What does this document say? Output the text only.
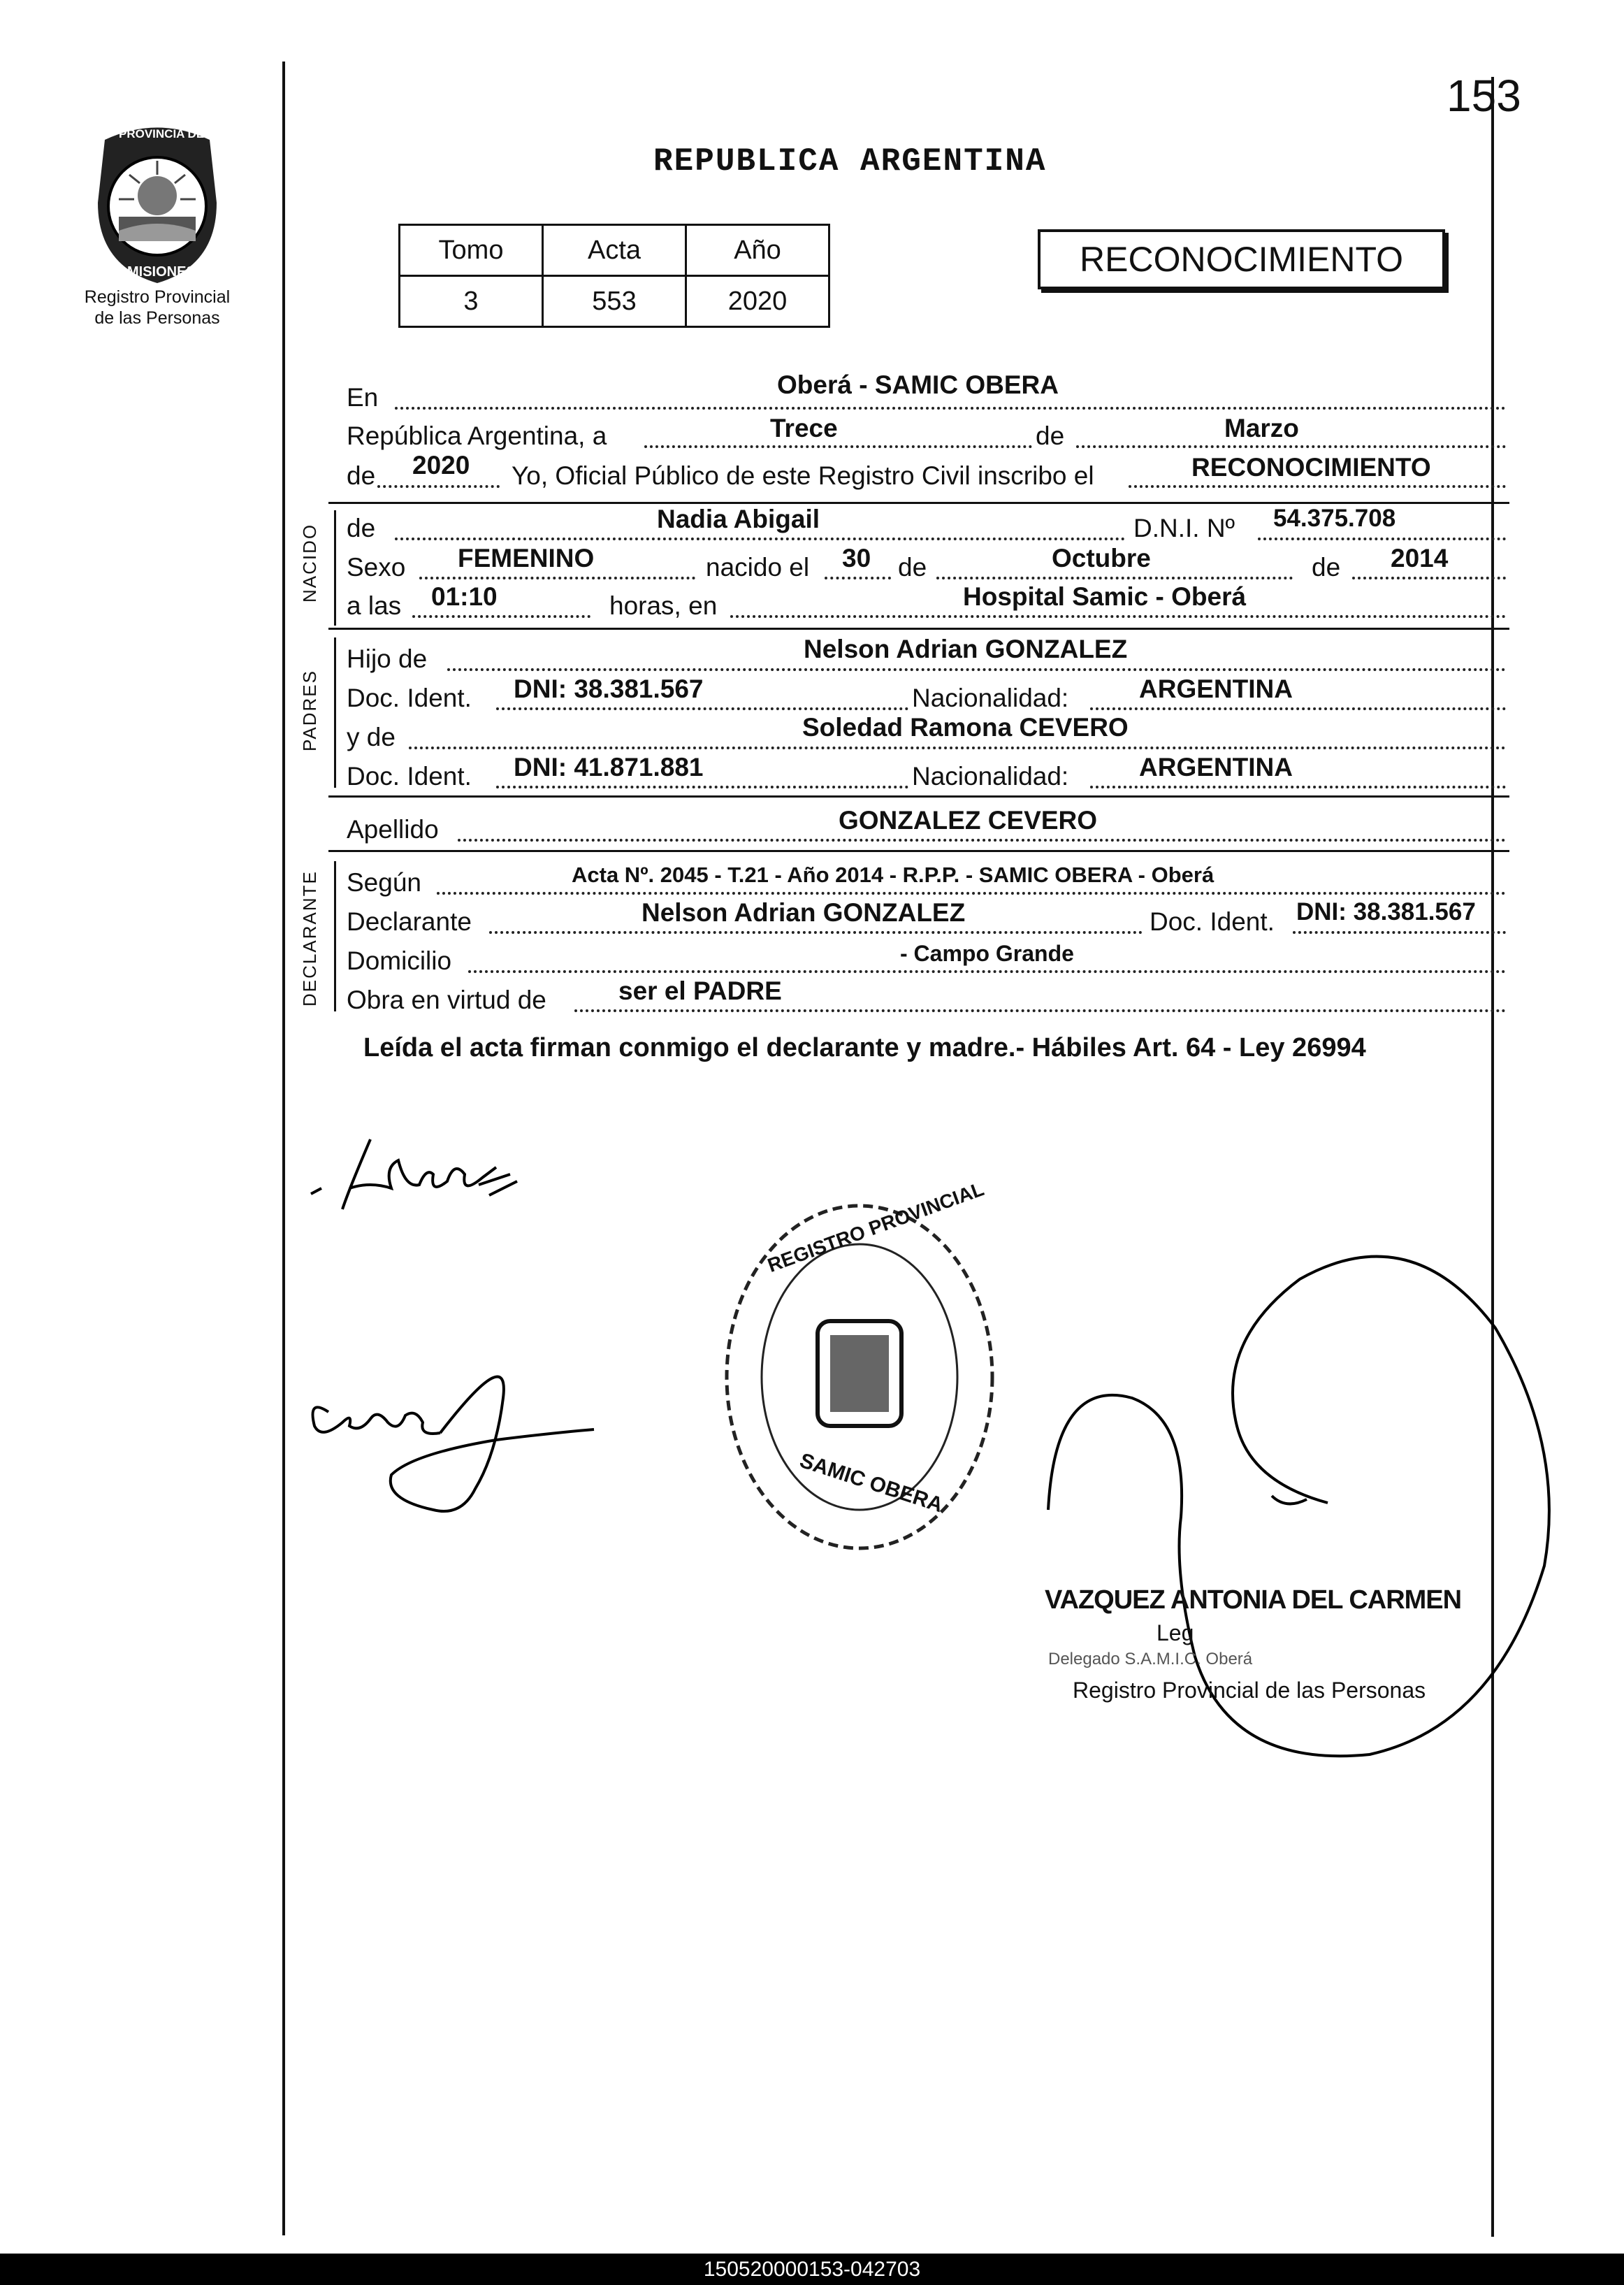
153
PROVINCIA DE
MISIONES
Registro Provincial
de las Personas
REPUBLICA ARGENTINA
Tomo	Acta	Año
3	553	2020
RECONOCIMIENTO
En	Oberá - SAMIC OBERA
República Argentina, a	Trece	de	Marzo
de 2020 Yo, Oficial Público de este Registro Civil inscribo el	RECONOCIMIENTO
NACIDO de	Nadia Abigail	D.N.I. Nº 54.375.708
Sexo FEMENINO	nacido el 30 de	Octubre	de 2014
a las 01:10	horas, en	Hospital Samic - Oberá
PADRES
Hijo de	Nelson Adrian GONZALEZ
Doc. Ident. DNI: 38.381.567	Nacionalidad:	ARGENTINA
y de	Soledad Ramona CEVERO
Doc. Ident. DNI: 41.871.881	Nacionalidad:	ARGENTINA
Apellido	GONZALEZ CEVERO
DECLARANTE Según	Acta Nº. 2045 - T.21 - Año 2014 - R.P.P. - SAMIC OBERA - Oberá
Declarante	Nelson Adrian GONZALEZ	Doc. Ident. DNI: 38.381.567
Domicilio	- Campo Grande
Obra en virtud de	ser el PADRE
Leída el acta firman conmigo el declarante y madre.- Hábiles Art. 64 - Ley 26994
REGISTRO PROVINCIAL
SAMIC OBERA
VAZQUEZ ANTONIA DEL CARMEN
Leg
Delegado S.A.M.I.C. Oberá
Registro Provincial de las Personas
150520000153-042703
